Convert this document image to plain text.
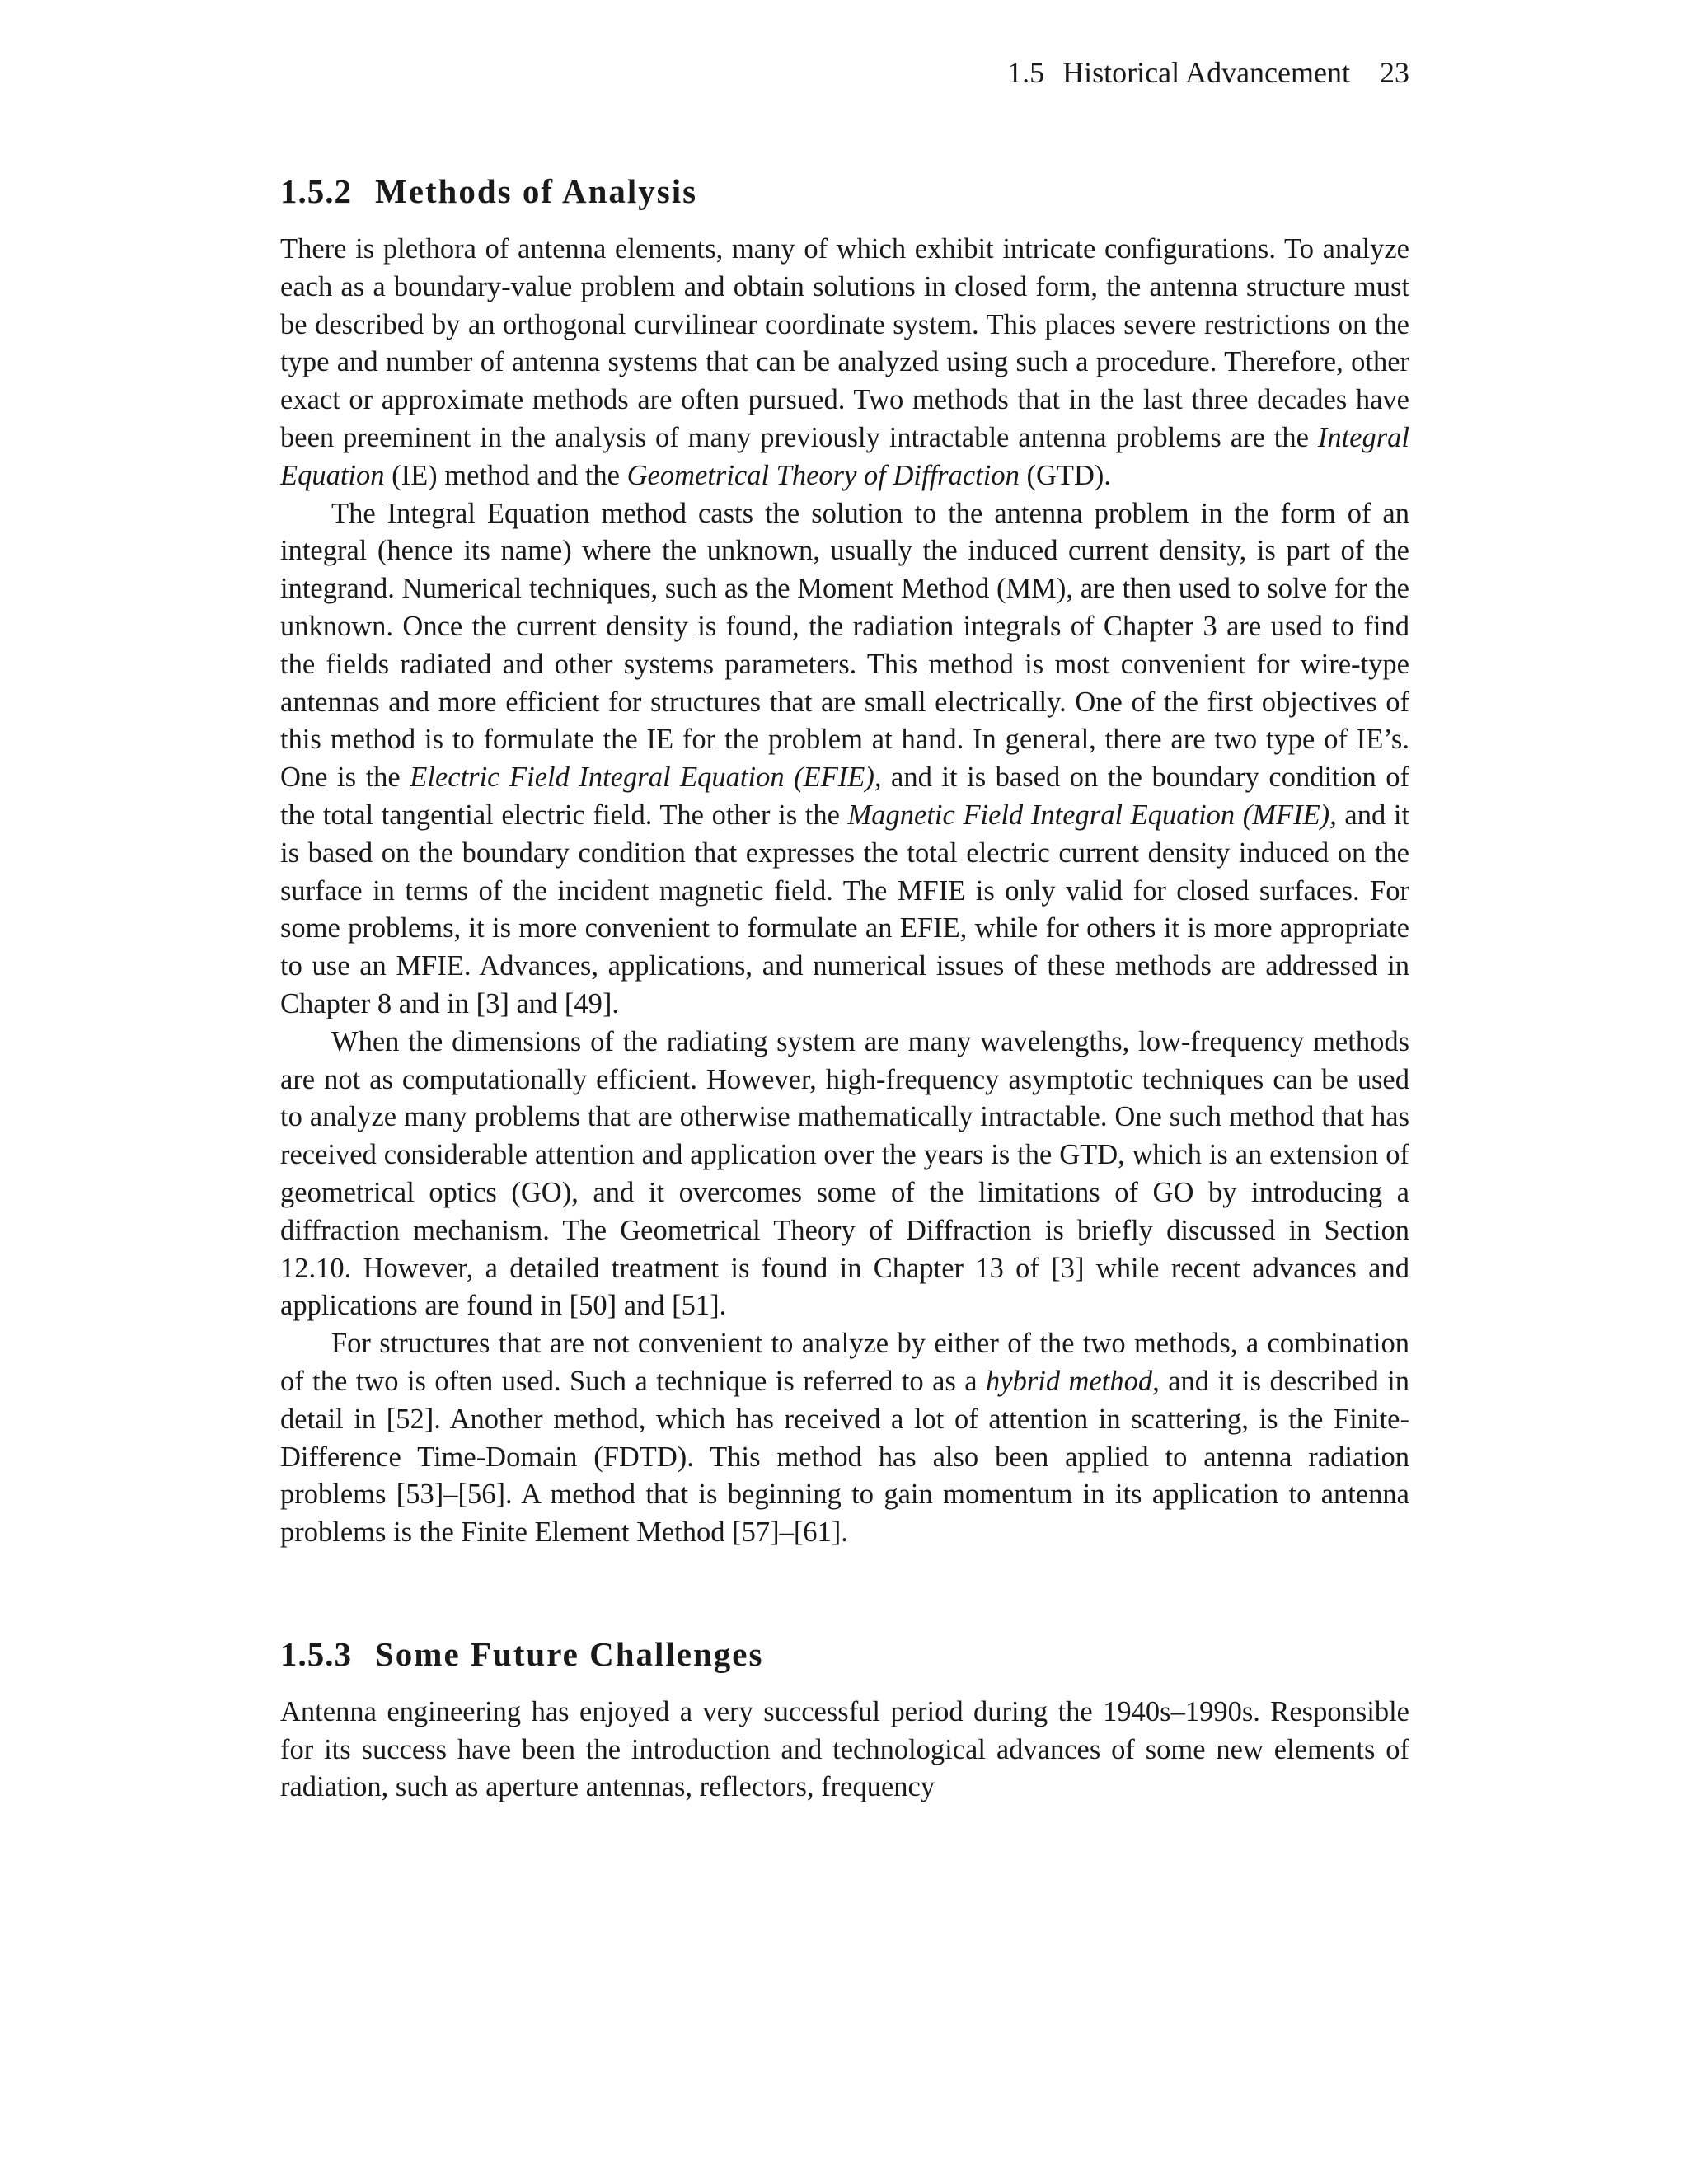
1.5 Historical Advancement 23
1.5.2 Methods of Analysis

There is plethora of antenna elements, many of which exhibit intricate configurations. To analyze each as a boundary-value problem and obtain solutions in closed form, the antenna structure must be described by an orthogonal curvilinear coordinate system. This places severe restrictions on the type and number of antenna systems that can be analyzed using such a procedure. Therefore, other exact or approximate methods are often pursued. Two methods that in the last three decades have been preeminent in the analysis of many previously intractable antenna problems are the Integral Equation (IE) method and the Geometrical Theory of Diffraction (GTD).

The Integral Equation method casts the solution to the antenna problem in the form of an integral (hence its name) where the unknown, usually the induced current density, is part of the integrand. Numerical techniques, such as the Moment Method (MM), are then used to solve for the unknown. Once the current density is found, the radiation integrals of Chapter 3 are used to find the fields radiated and other systems parameters. This method is most convenient for wire-type antennas and more efficient for structures that are small electrically. One of the first objectives of this method is to formulate the IE for the problem at hand. In general, there are two type of IE’s. One is the Electric Field Integral Equation (EFIE), and it is based on the boundary condition of the total tangential electric field. The other is the Magnetic Field Integral Equation (MFIE), and it is based on the boundary condition that expresses the total electric current density induced on the surface in terms of the incident magnetic field. The MFIE is only valid for closed surfaces. For some problems, it is more convenient to formulate an EFIE, while for others it is more appropriate to use an MFIE. Advances, applications, and numerical issues of these methods are addressed in Chapter 8 and in [3] and [49].

When the dimensions of the radiating system are many wavelengths, low-frequency methods are not as computationally efficient. However, high-frequency asymptotic techniques can be used to analyze many problems that are otherwise mathematically intractable. One such method that has received considerable attention and application over the years is the GTD, which is an extension of geometrical optics (GO), and it overcomes some of the limitations of GO by introducing a diffraction mechanism. The Geometrical Theory of Diffraction is briefly discussed in Section 12.10. However, a detailed treatment is found in Chapter 13 of [3] while recent advances and applications are found in [50] and [51].

For structures that are not convenient to analyze by either of the two methods, a combination of the two is often used. Such a technique is referred to as a hybrid method, and it is described in detail in [52]. Another method, which has received a lot of attention in scattering, is the Finite-Difference Time-Domain (FDTD). This method has also been applied to antenna radiation problems [53]–[56]. A method that is beginning to gain momentum in its application to antenna problems is the Finite Element Method [57]–[61].

1.5.3 Some Future Challenges

Antenna engineering has enjoyed a very successful period during the 1940s–1990s. Responsible for its success have been the introduction and technological advances of some new elements of radiation, such as aperture antennas, reflectors, frequency
